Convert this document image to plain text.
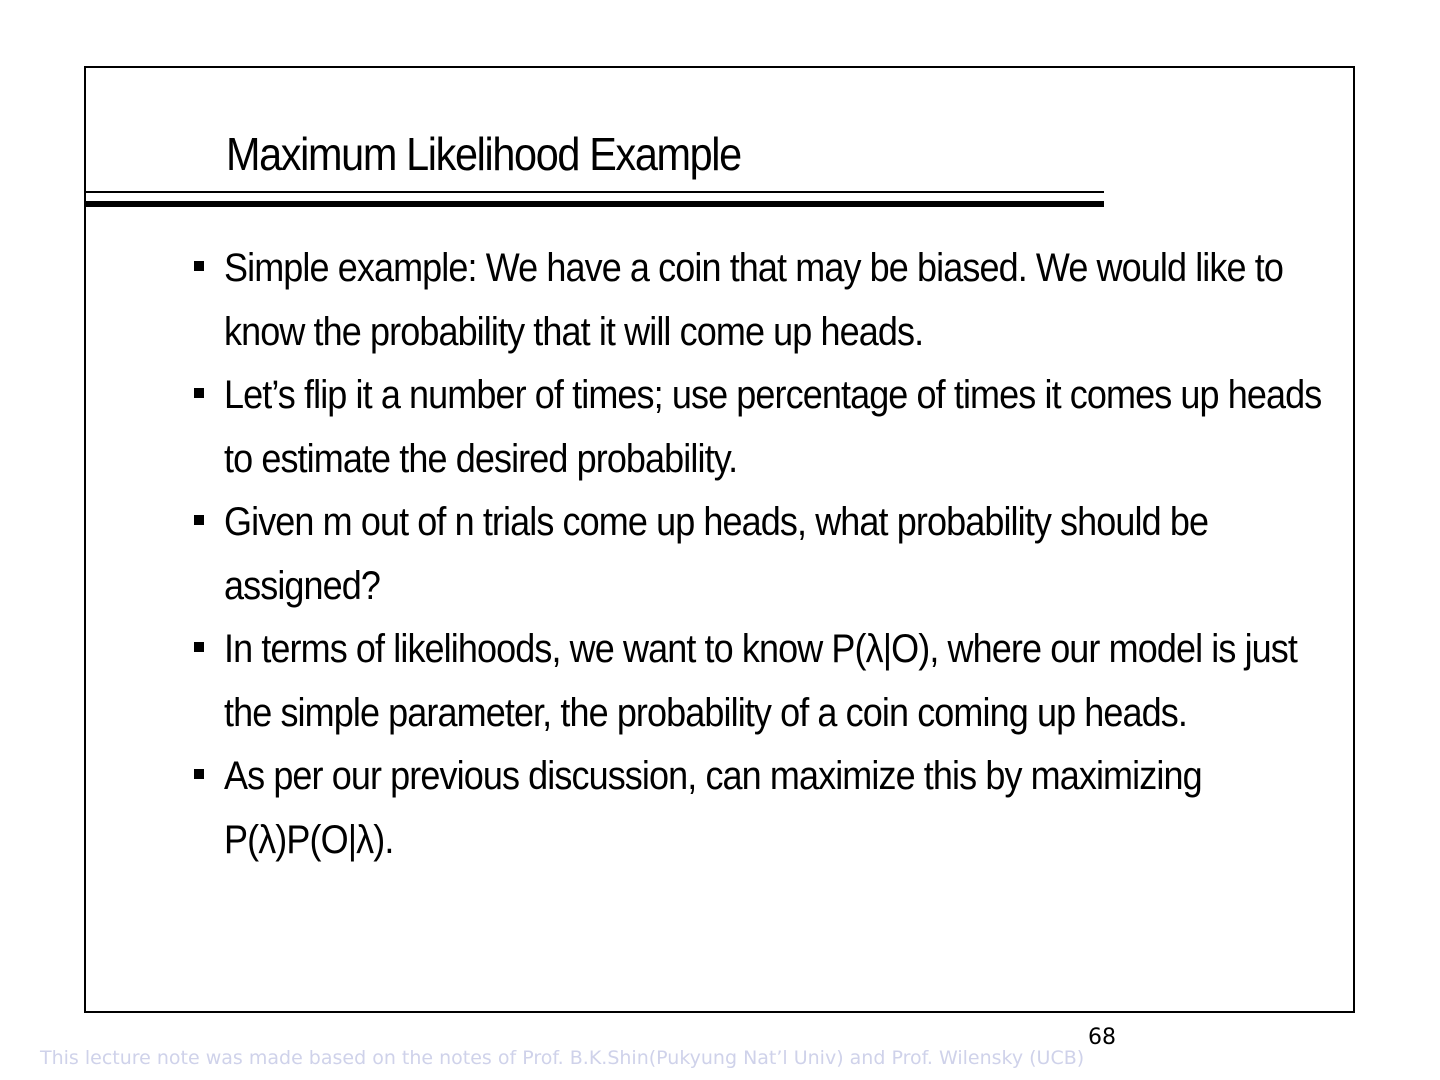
Maximum Likelihood Example
Simple example: We have a coin that may be biased. We would like to know the probability that it will come up heads.
Let’s flip it a number of times; use percentage of times it comes up heads to estimate the desired probability.
Given m out of n trials come up heads, what probability should be assigned?
In terms of likelihoods, we want to know P(λ|O), where our model is just the simple parameter, the probability of a coin coming up heads.
As per our previous discussion, can maximize this by maximizing P(λ)P(O|λ).
68
This lecture note was made based on the notes of Prof. B.K.Shin(Pukyung Nat’l Univ) and Prof. Wilensky (UCB)
